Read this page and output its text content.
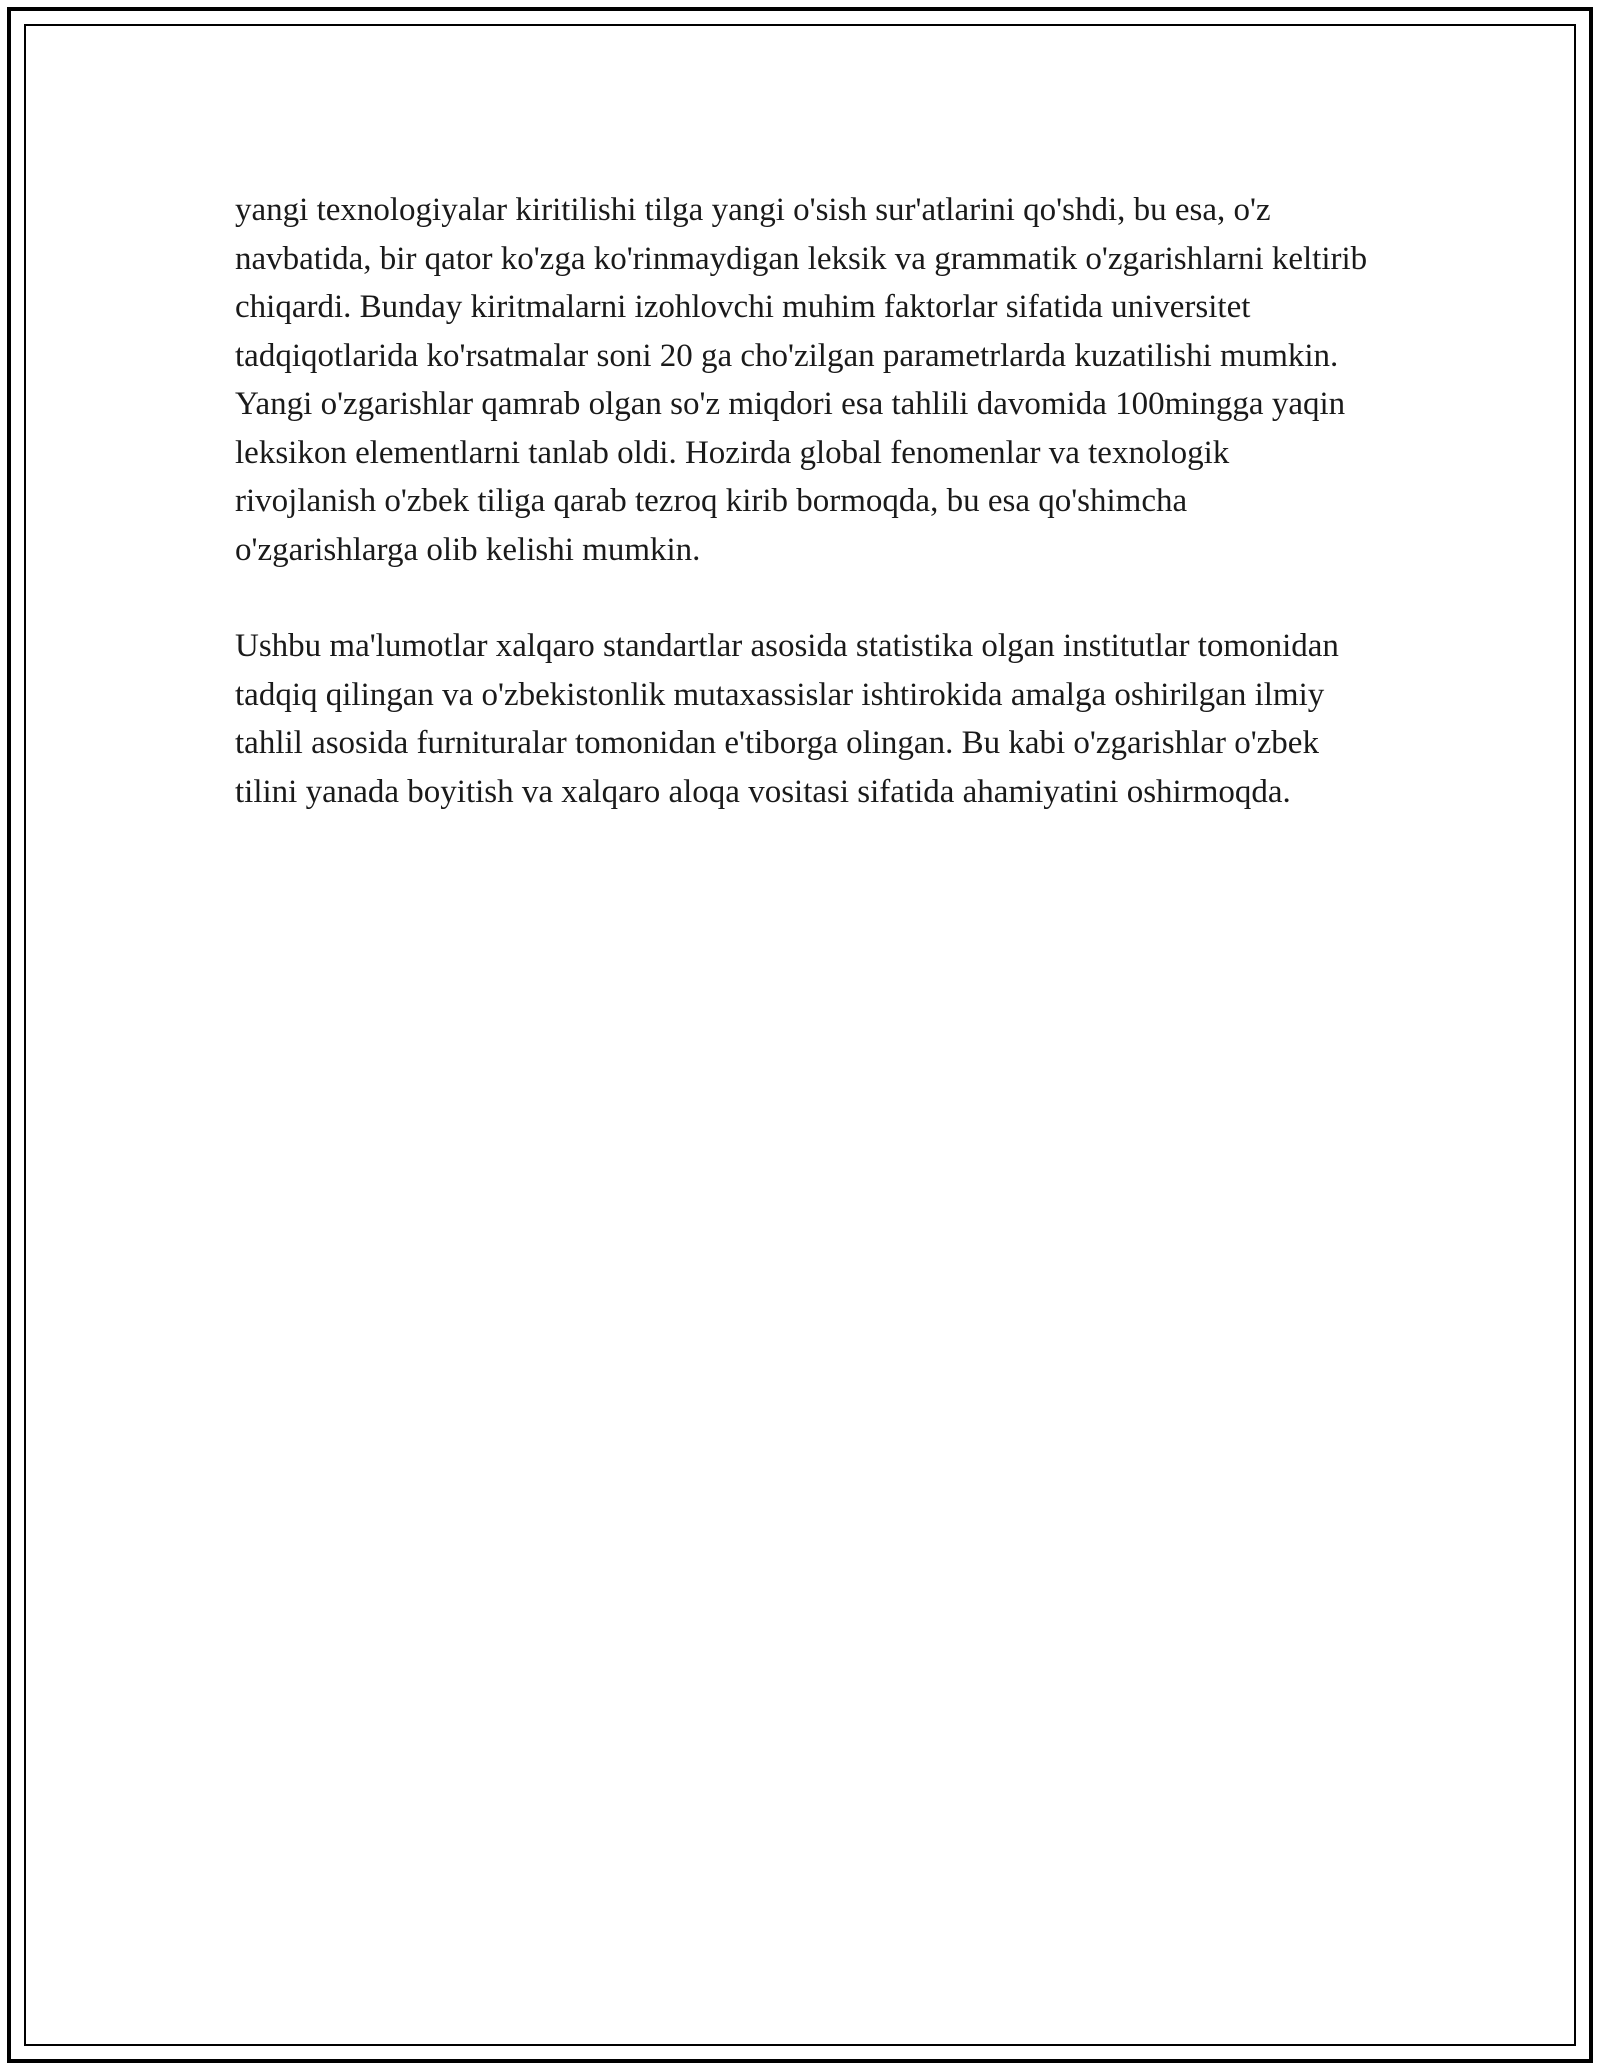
yangi texnologiyalar kiritilishi tilga yangi o'sish sur'atlarini qo'shdi, bu esa, o'z navbatida, bir qator ko'zga ko'rinmaydigan leksik va grammatik o'zgarishlarni keltirib chiqardi. Bunday kiritmalarni izohlovchi muhim faktorlar sifatida universitet tadqiqotlarida ko'rsatmalar soni 20 ga cho'zilgan parametrlarda kuzatilishi mumkin. Yangi o'zgarishlar qamrab olgan so'z miqdori esa tahlili davomida 100mingga yaqin leksikon elementlarni tanlab oldi. Hozirda global fenomenlar va texnologik rivojlanish o'zbek tiliga qarab tezroq kirib bormoqda, bu esa qo'shimcha o'zgarishlarga olib kelishi mumkin.

Ushbu ma'lumotlar xalqaro standartlar asosida statistika olgan institutlar tomonidan tadqiq qilingan va o'zbekistonlik mutaxassislar ishtirokida amalga oshirilgan ilmiy tahlil asosida furnituralar tomonidan e'tiborga olingan. Bu kabi o'zgarishlar o'zbek tilini yanada boyitish va xalqaro aloqa vositasi sifatida ahamiyatini oshirmoqda.
